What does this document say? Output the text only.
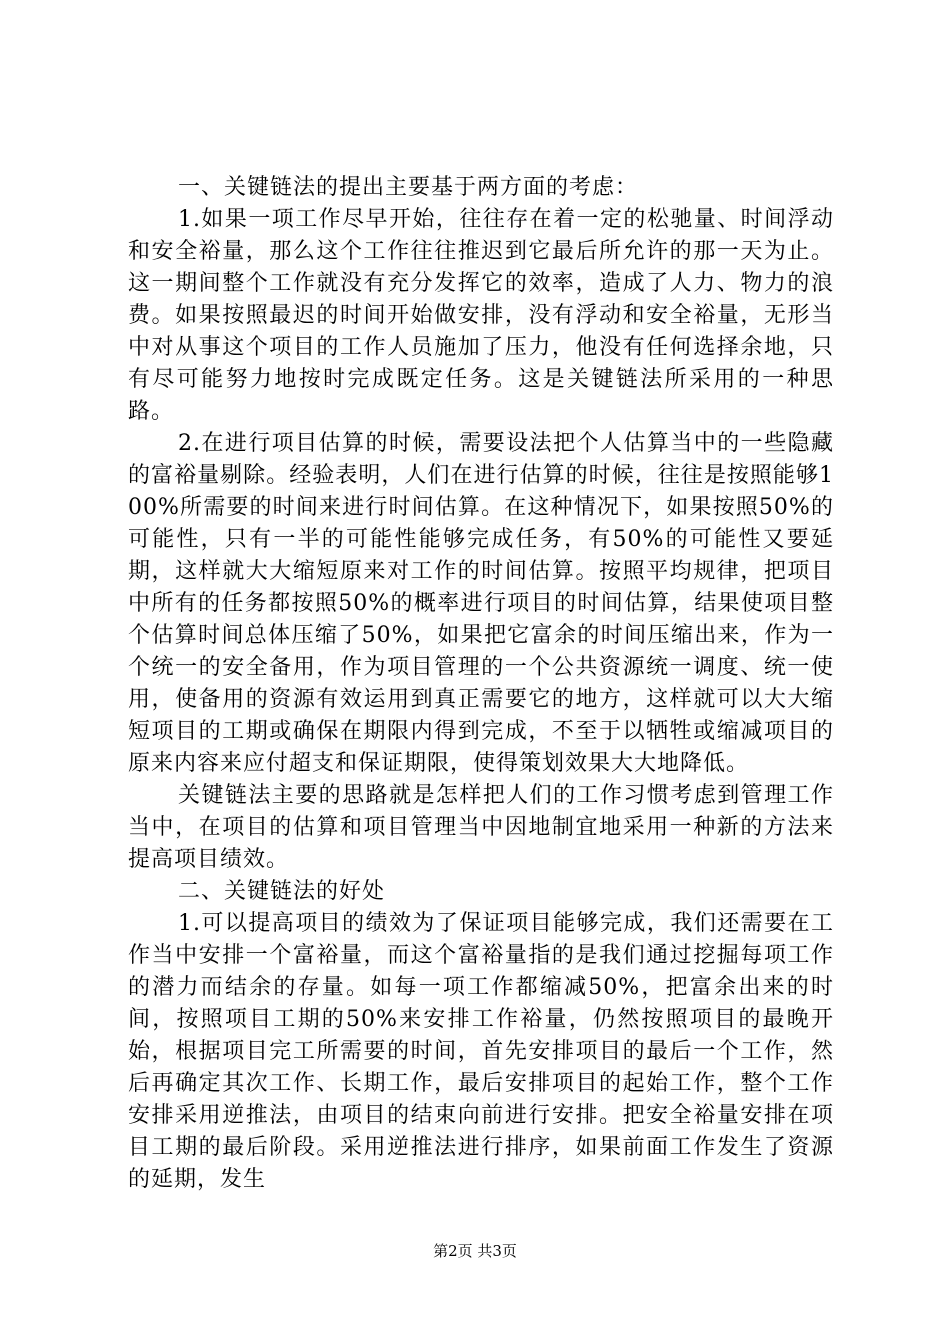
一、关键链法的提出主要基于两方面的考虑：

1.如果一项工作尽早开始，往往存在着一定的松驰量、时间浮动和安全裕量，那么这个工作往往推迟到它最后所允许的那一天为止。这一期间整个工作就没有充分发挥它的效率，造成了人力、物力的浪费。如果按照最迟的时间开始做安排，没有浮动和安全裕量，无形当中对从事这个项目的工作人员施加了压力，他没有任何选择余地，只有尽可能努力地按时完成既定任务。这是关键链法所采用的一种思路。

2.在进行项目估算的时候，需要设法把个人估算当中的一些隐藏的富裕量剔除。经验表明，人们在进行估算的时候，往往是按照能够100%所需要的时间来进行时间估算。在这种情况下，如果按照50%的可能性，只有一半的可能性能够完成任务，有50%的可能性又要延期，这样就大大缩短原来对工作的时间估算。按照平均规律，把项目中所有的任务都按照50%的概率进行项目的时间估算，结果使项目整个估算时间总体压缩了50%，如果把它富余的时间压缩出来，作为一个统一的安全备用，作为项目管理的一个公共资源统一调度、统一使用，使备用的资源有效运用到真正需要它的地方，这样就可以大大缩短项目的工期或确保在期限内得到完成，不至于以牺牲或缩减项目的原来内容来应付超支和保证期限，使得策划效果大大地降低。

关键链法主要的思路就是怎样把人们的工作习惯考虑到管理工作当中，在项目的估算和项目管理当中因地制宜地采用一种新的方法来提高项目绩效。

二、关键链法的好处

1.可以提高项目的绩效为了保证项目能够完成，我们还需要在工作当中安排一个富裕量，而这个富裕量指的是我们通过挖掘每项工作的潜力而结余的存量。如每一项工作都缩减50%，把富余出来的时间，按照项目工期的50%来安排工作裕量，仍然按照项目的最晚开始，根据项目完工所需要的时间，首先安排项目的最后一个工作，然后再确定其次工作、长期工作，最后安排项目的起始工作，整个工作安排采用逆推法，由项目的结束向前进行安排。把安全裕量安排在项目工期的最后阶段。采用逆推法进行排序，如果前面工作发生了资源的延期，发生

第2页 共3页
